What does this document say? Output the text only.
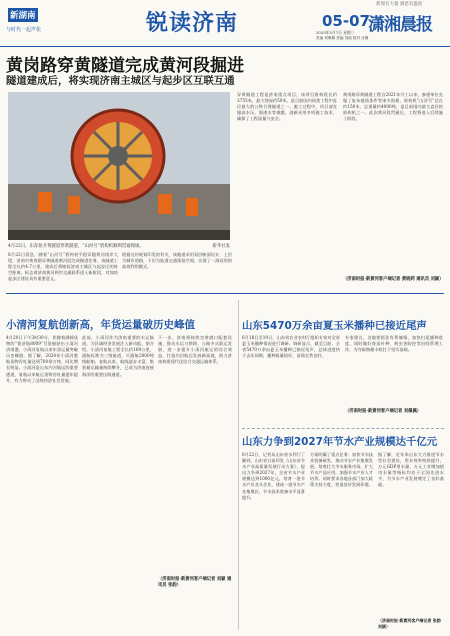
新湖南
与时代一起声张	锐读济南	05-07
2025年5月7日 星期三
责编 刘佩佩 美编 刘曲 校对 沈珊
新闻有力量 感恩有温度
潇湘晨报
黄岗路穿黄隧道完成黄河段掘进
隧道建成后，将实现济南主城区与起步区互联互通
4月22日，东泺鱼开黄隧道穿黄隧道，“山河号”盾构机顺利贯通现场。	新华社发
8月22日消息，随着“山河号”盾构机平稳穿越黄河南岸大堤，济南市黄岗路穿黄隧道黄河段完成掘进任务。该隧道工程全长约4.7公里，建成后将缩短济南主城区与起步区的时空距离，标志着济南黄河两岸交通联系进入新阶段，对加快起步区建设具有重要意义。
根据这份规划印发的有关，该隧道采用双层断面设计，上层为城市道路，下层为轨道交通预留空间，实现了一洞双用的高效利用模式。
穿黄隧道工程是济南重点项目，该项目盾构段长约3755米，最大埋深约50米，是目前国内同类工程中直径最大的公铁合建隧道之一。施工过程中，项目部克服高水压、强透水等难题，创新采用多项施工技术，确保了工程质量与安全。
黄岗路穿黄隧道工程自2021年开工以来，参建单位克服了复杂地质条件等诸多困难，盾构机“山河号”总长约150米，总重量约4000吨，是目前国内最大直径的盾构机之一。此次黄河段贯通后，工程将进入后续施工阶段。
（济南时报·新黄河客户端记者 黄晓莉 通讯员 刘颖）
小清河复航创新高，年货运量破历史峰值
4月20日下午3时30分，伴随着满载货物的“鲁济航8009”号货船驶出小清河济南港，小清河复航以来年货运量突破历史峰值。据了解，2024年小清河港航货物吞吐量达到700余万吨，同比增长明显。小清河是山东内河航运的重要通道，复航以来航运货物吞吐量逐年提升，有力带动了沿线经济社会发展。
此前，小清河作为济南重要的水运航道，为区域经济发展注入新动能。据介绍，小清河复航工程全长约169公里，通航标准为三级航道，可通航2000吨级船舶。复航以来，航线逐步丰富，集装箱运输量持续攀升，已成为济南连接海洋的重要出海通道。
下一步，济南将持续完善港口配套设施，推动水运与铁路、公路多式联运发展，进一步提升小清河航运的综合效益，打造内河航运发展新高地，助力济南构建现代化综合交通运输体系。
（济南时报·新黄河客户端记者 刘颖 通讯员 张韵）
山东5470万余亩夏玉米播种已接近尾声
6月18日至19日，山东省农业农村厅组织专家对全省夏玉米播种情况进行调研。调研显示，截至目前，全省5470万余亩夏玉米播种已接近尾声，总体进度快于去年同期，播种质量较好，苗情长势良好。
专家建议，各地要抓住有利墒情，加快扫尾播种进度，同时做好查苗补种、病虫害防控等田间管理工作，为夺取秋粮丰收打下坚实基础。
（济南时报·新黄河客户端记者 刘佩佩）
山东力争到2027年节水产业规模达千亿元
6月22日，记者从山东省水利厅了解到，山东省日前印发《山东省节水产业高质量发展行动方案》，提出力争到2027年，全省节水产业规模达到1000亿元，培育一批节水产业龙头企业，建成一批节水产业集聚区，节水技术装备水平显著提升。
方案明确了重点任务：加快节水技术装备研发，推动节水产业集聚发展，培育壮大节水服务市场，扩大节水产品应用，加强节水产业人才培养。同时要求各地各部门加大政策支持力度，营造良好发展环境。
据了解，近年来山东大力推进节水型社会建设，用水效率持续提升，万元GDP用水量、万元工业增加值用水量等指标均处于全国先进水平，为节水产业发展奠定了良好基础。
（济南时报·新黄河客户端记者 张韵 刘颖）
